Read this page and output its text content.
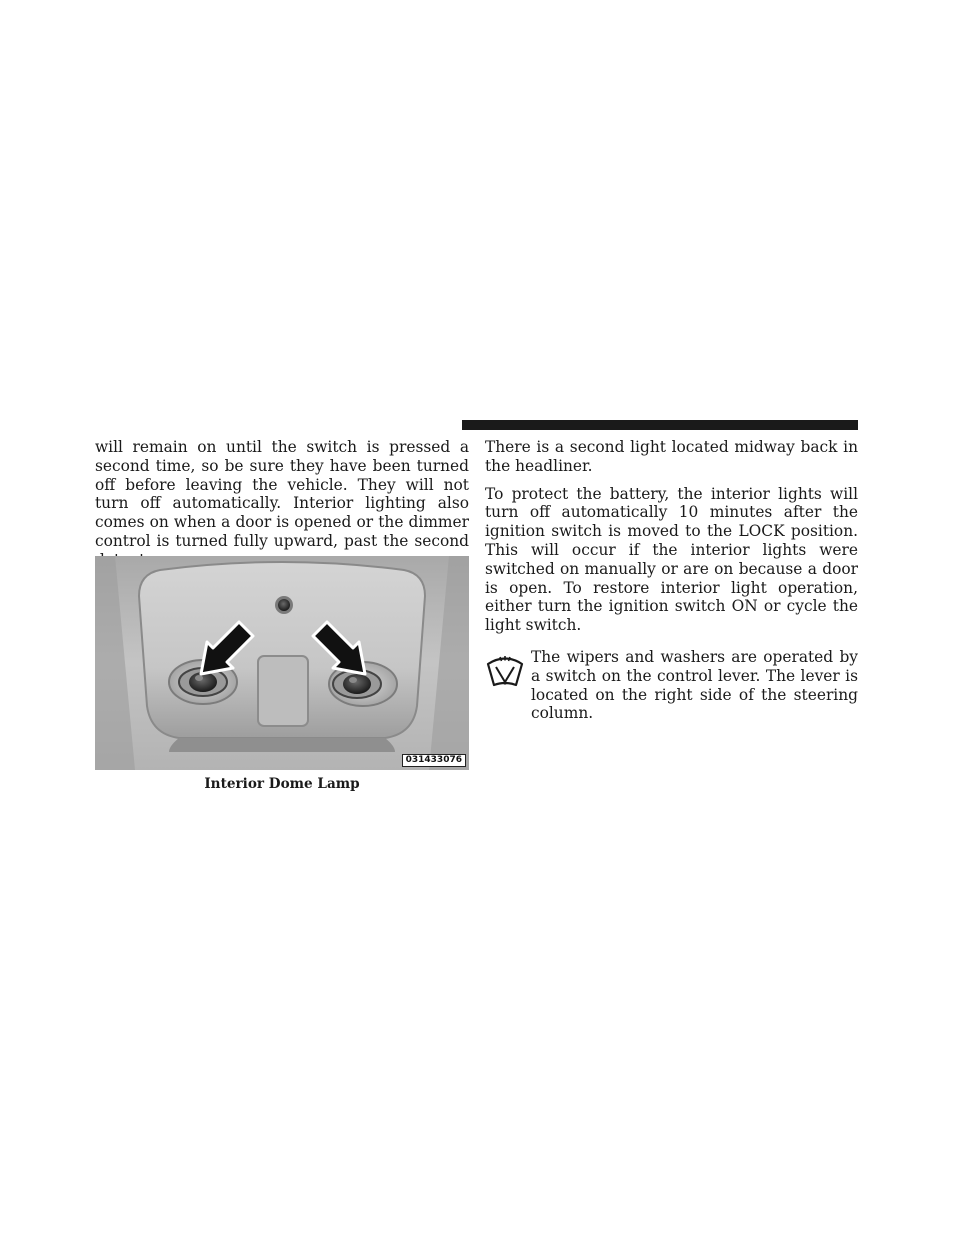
will remain on until the switch is pressed a second time, so be sure they have been turned off before leaving the vehicle. They will not turn off automatically. Interior lighting also comes on when a door is opened or the dimmer control is turned fully upward, past the second

031433076
Interior Dome Lamp

There is a second light located midway back in the headliner.

To protect the battery, the interior lights will turn off automatically 10 minutes after the ignition switch is moved to the LOCK position. This will occur if the interior lights were switched on manually or are on because a door is open. To restore interior light operation, either turn the ignition switch ON or cycle the light switch.

The wipers and washers are operated by a switch on the control lever. The lever is located on the right side of the steering column.
